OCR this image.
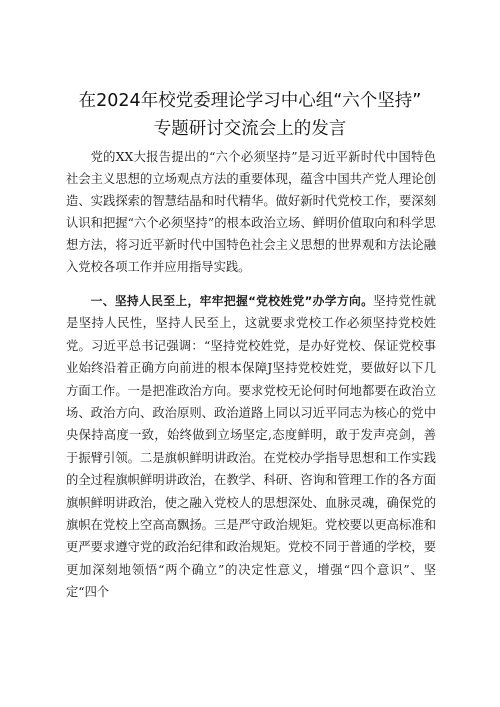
在2024年校党委理论学习中心组“六个坚持”
专题研讨交流会上的发言
党的XX大报告提出的“六个必须坚持”是习近平新时代中国特色社会主义思想的立场观点方法的重要体现，蕴含中国共产党人理论创造、实践探索的智慧结晶和时代精华。做好新时代党校工作，要深刻认识和把握“六个必须坚持”的根本政治立场、鲜明价值取向和科学思想方法，将习近平新时代中国特色社会主义思想的世界观和方法论融入党校各项工作并应用指导实践。
一、坚持人民至上，牢牢把握“党校姓党”办学方向。坚持党性就是坚持人民性，坚持人民至上，这就要求党校工作必须坚持党校姓党。习近平总书记强调：“坚持党校姓党，是办好党校、保证党校事业始终沿着正确方向前进的根本保障J坚持党校姓党，要做好以下几方面工作。一是把准政治方向。要求党校无论何时何地都要在政治立场、政治方向、政治原则、政治道路上同以习近平同志为核心的党中央保持高度一致，始终做到立场坚定,态度鲜明，敢于发声亮剑，善于振臂引领。二是旗帜鲜明讲政治。在党校办学指导思想和工作实践的全过程旗帜鲜明讲政治，在教学、科研、咨询和管理工作的各方面旗帜鲜明讲政治，使之融入党校人的思想深处、血脉灵魂，确保党的旗帜在党校上空高高飘扬。三是严守政治规矩。党校要以更高标准和更严要求遵守党的政治纪律和政治规矩。党校不同于普通的学校，要更加深刻地领悟“两个确立”的决定性意义，增强“四个意识”、坚定“四个
